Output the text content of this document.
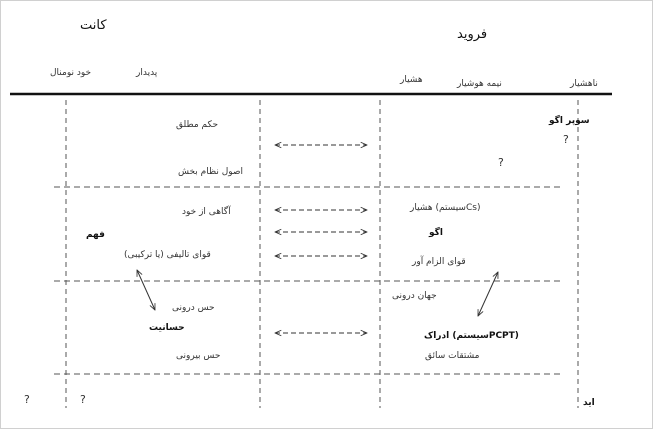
کانت
خود نومنال	پدیدار
حکم مطلق
اصول نظام بخش
آگاهی از خود
فهم
قوای تالیفی (یا ترکیبی)
حس درونی
حسانیت
حس بیرونی
?	?
فروید
هشیار	نیمه هوشیار	ناهشیار
سوپر اگو
?
?
هشیار (سیستمCs)
اگو
قوای الزام آور
جهان درونی
ادراک (سیستمPCPT)
مشتقات سائق
اید
